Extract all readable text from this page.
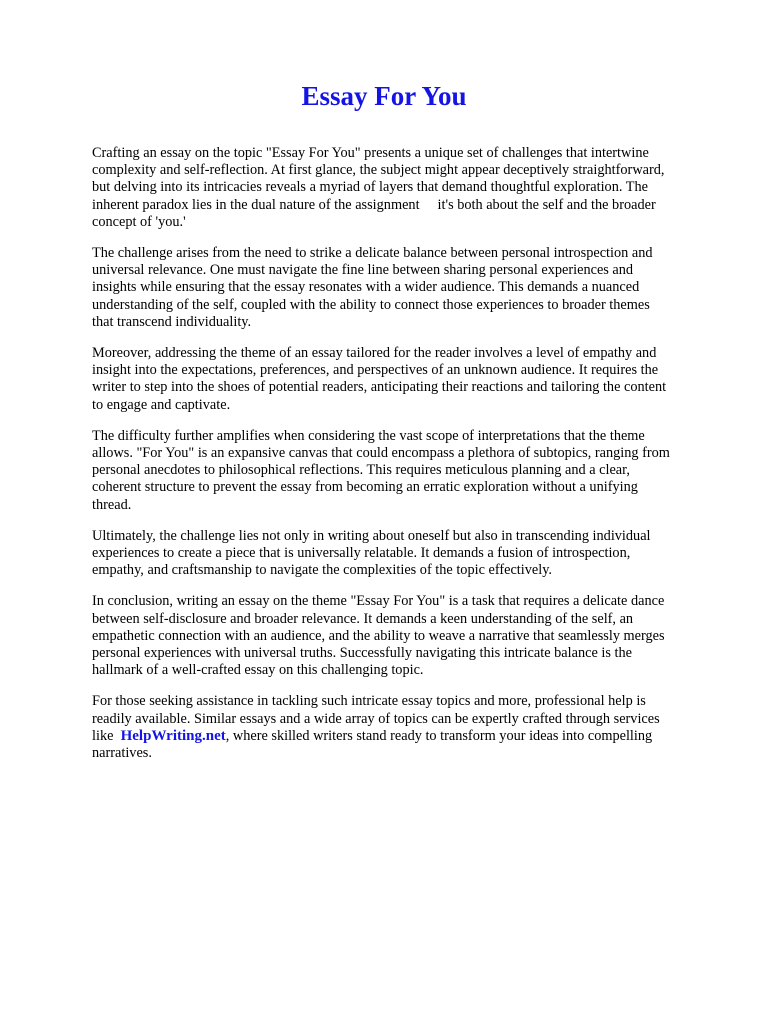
Essay For You

Crafting an essay on the topic "Essay For You" presents a unique set of challenges that intertwine
complexity and self-reflection. At first glance, the subject might appear deceptively straightforward,
but delving into its intricacies reveals a myriad of layers that demand thoughtful exploration. The
inherent paradox lies in the dual nature of the assignment it's both about the self and the broader
concept of 'you.'

The challenge arises from the need to strike a delicate balance between personal introspection and
universal relevance. One must navigate the fine line between sharing personal experiences and
insights while ensuring that the essay resonates with a wider audience. This demands a nuanced
understanding of the self, coupled with the ability to connect those experiences to broader themes
that transcend individuality.

Moreover, addressing the theme of an essay tailored for the reader involves a level of empathy and
insight into the expectations, preferences, and perspectives of an unknown audience. It requires the
writer to step into the shoes of potential readers, anticipating their reactions and tailoring the content
to engage and captivate.

The difficulty further amplifies when considering the vast scope of interpretations that the theme
allows. "For You" is an expansive canvas that could encompass a plethora of subtopics, ranging from
personal anecdotes to philosophical reflections. This requires meticulous planning and a clear,
coherent structure to prevent the essay from becoming an erratic exploration without a unifying
thread.

Ultimately, the challenge lies not only in writing about oneself but also in transcending individual
experiences to create a piece that is universally relatable. It demands a fusion of introspection,
empathy, and craftsmanship to navigate the complexities of the topic effectively.

In conclusion, writing an essay on the theme "Essay For You" is a task that requires a delicate dance
between self-disclosure and broader relevance. It demands a keen understanding of the self, an
empathetic connection with an audience, and the ability to weave a narrative that seamlessly merges
personal experiences with universal truths. Successfully navigating this intricate balance is the
hallmark of a well-crafted essay on this challenging topic.

For those seeking assistance in tackling such intricate essay topics and more, professional help is
readily available. Similar essays and a wide array of topics can be expertly crafted through services
like HelpWriting.net, where skilled writers stand ready to transform your ideas into compelling
narratives.
